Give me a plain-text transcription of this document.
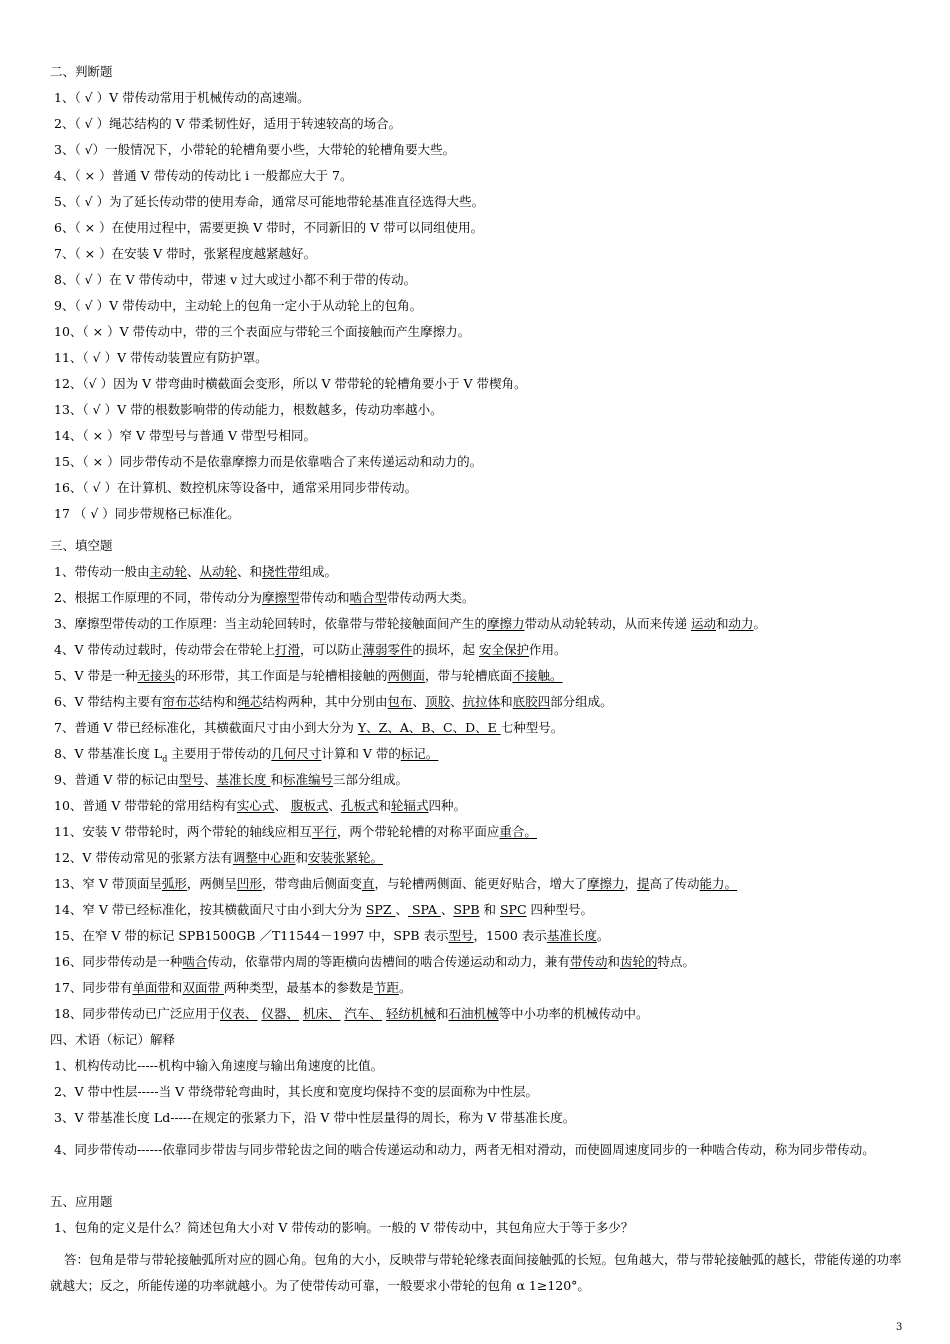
二、判断题
1、（ √ ）V 带传动常用于机械传动的高速端。
2、（ √ ）绳芯结构的 V 带柔韧性好，适用于转速较高的场合。
3、（ √）一般情况下，小带轮的轮槽角要小些，大带轮的轮槽角要大些。
4、（ × ）普通 V 带传动的传动比 i 一般都应大于 7。
5、（ √ ）为了延长传动带的使用寿命，通常尽可能地带轮基准直径选得大些。
6、（ × ）在使用过程中，需要更换 V 带时，不同新旧的 V 带可以同组使用。
7、（ × ）在安装 V 带时，张紧程度越紧越好。
8、（ √ ）在 V 带传动中，带速 v 过大或过小都不利于带的传动。
9、（ √ ）V 带传动中，主动轮上的包角一定小于从动轮上的包角。
10、（ × ）V 带传动中，带的三个表面应与带轮三个面接触而产生摩擦力。
11、（ √ ）V 带传动装置应有防护罩。
12、（√ ）因为 V 带弯曲时横截面会变形，所以 V 带带轮的轮槽角要小于 V 带楔角。
13、（ √ ）V 带的根数影响带的传动能力，根数越多，传动功率越小。
14、（ × ）窄 V 带型号与普通 V 带型号相同。
15、（ × ）同步带传动不是依靠摩擦力而是依靠啮合了来传递运动和动力的。
16、（ √ ）在计算机、数控机床等设备中，通常采用同步带传动。
17 （ √ ）同步带规格已标准化。
三、填空题
1、带传动一般由主动轮、从动轮、和挠性带组成。
2、根据工作原理的不同，带传动分为摩擦型带传动和啮合型带传动两大类。
3、摩擦型带传动的工作原理：当主动轮回转时，依靠带与带轮接触面间产生的摩擦力带动从动轮转动，从而来传递 运动和动力。
4、V 带传动过载时，传动带会在带轮上打滑，可以防止薄弱零件的损坏，起 安全保护作用。
5、V 带是一种无接头的环形带，其工作面是与轮槽相接触的两侧面，带与轮槽底面不接触。
6、V 带结构主要有帘布芯结构和绳芯结构两种，其中分别由包布、顶胶、抗拉体和底胶四部分组成。
7、普通 V 带已经标准化，其横截面尺寸由小到大分为 Y、Z、A、B、C、D、E 七种型号。
8、V 带基准长度 $L_d$ 主要用于带传动的几何尺寸计算和 V 带的标记。
9、普通 V 带的标记由型号、基准长度 和标准编号三部分组成。
10、普通 V 带带轮的常用结构有实心式、 腹板式、孔板式和轮辐式四种。
11、安装 V 带带轮时，两个带轮的轴线应相互平行，两个带轮轮槽的对称平面应重合。
12、V 带传动常见的张紧方法有调整中心距和安装张紧轮。
13、窄 V 带顶面呈弧形，两侧呈凹形，带弯曲后侧面变直，与轮槽两侧面、能更好贴合，增大了摩擦力，提高了传动能力。
14、窄 V 带已经标准化，按其横截面尺寸由小到大分为 SPZ 、 SPA 、SPB 和 SPC 四种型号。
15、在窄 V 带的标记 SPB1500GB ／T11544－1997 中，SPB 表示型号，1500 表示基准长度。
16、同步带传动是一种啮合传动，依靠带内周的等距横向齿槽间的啮合传递运动和动力，兼有带传动和齿轮的特点。
17、同步带有单面带和双面带 两种类型，最基本的参数是节距。
18、同步带传动已广泛应用于仪表、 仪器、 机床、 汽车、 轻纺机械和石油机械等中小功率的机械传动中。
四、术语（标记）解释
1、机构传动比-----机构中输入角速度与输出角速度的比值。
2、V 带中性层-----当 V 带绕带轮弯曲时，其长度和宽度均保持不变的层面称为中性层。
3、V 带基准长度 Ld-----在规定的张紧力下，沿 V 带中性层量得的周长，称为 V 带基准长度。
4、同步带传动------依靠同步带齿与同步带轮齿之间的啮合传递运动和动力，两者无相对滑动，而使圆周速度同步的一种啮合传动，称为同步带传动。
五、应用题
1、包角的定义是什么？简述包角大小对 V 带传动的影响。一般的 V 带传动中，其包角应大于等于多少？
答：包角是带与带轮接触弧所对应的圆心角。包角的大小，反映带与带轮轮缘表面间接触弧的长短。包角越大，带与带轮接触弧的越长，带能传递的功率就越大；反之，所能传递的功率就越小。为了使带传动可靠，一般要求小带轮的包角 α 1≥120°。
3
